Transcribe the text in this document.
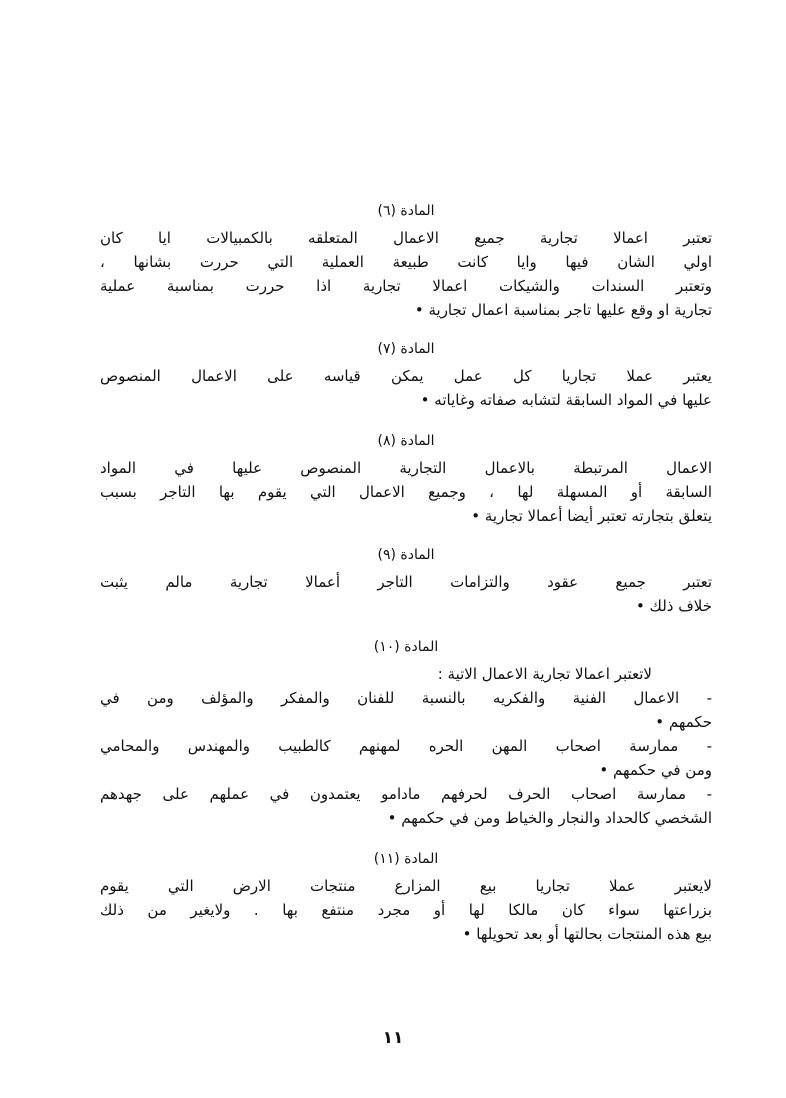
المادة (٦)

تعتبر اعمالا تجارية جميع الاعمال المتعلقه بالكمبيالات ايا كان

اولي الشان فيها وايا كانت طبيعة العملية التي حررت بشانها ،

وتعتبر السندات والشيكات اعمالا تجارية اذا حررت بمناسبة عملية

تجارية او وقع عليها تاجر بمناسبة اعمال تجارية •

المادة (٧)

يعتبر عملا تجاريا كل عمل يمكن قياسه على الاعمال المنصوص

عليها في المواد السابقة لتشابه صفاته وغاياته •

المادة (٨)

الاعمال المرتبطة بالاعمال التجارية المنصوص عليها في المواد

السابقة أو المسهلة لها ، وجميع الاعمال التي يقوم بها التاجر بسبب

يتعلق بتجارته تعتبر أيضا أعمالا تجارية •

المادة (٩)

تعتبر جميع عقود والتزامات التاجر أعمالا تجارية مالم يثبت

خلاف ذلك •

المادة (١٠)

لاتعتبر اعمالا تجارية الاعمال الاتية :

- الاعمال الفنية والفكريه بالنسبة للفنان والمفكر والمؤلف ومن في

حكمهم •

- ممارسة اصحاب المهن الحره لمهنهم كالطبيب والمهندس والمحامي

ومن في حكمهم •

- ممارسة اصحاب الحرف لحرفهم مادامو يعتمدون في عملهم على جهدهم

الشخصي كالحداد والنجار والخياط ومن في حكمهم •

المادة (١١)

لايعتبر عملا تجاريا بيع المزارع منتجات الارض التي يقوم

بزراعتها سواء كان مالكا لها أو مجرد منتفع بها . ولايغير من ذلك

بيع هذه المنتجات بحالتها أو بعد تحويلها •

١١
